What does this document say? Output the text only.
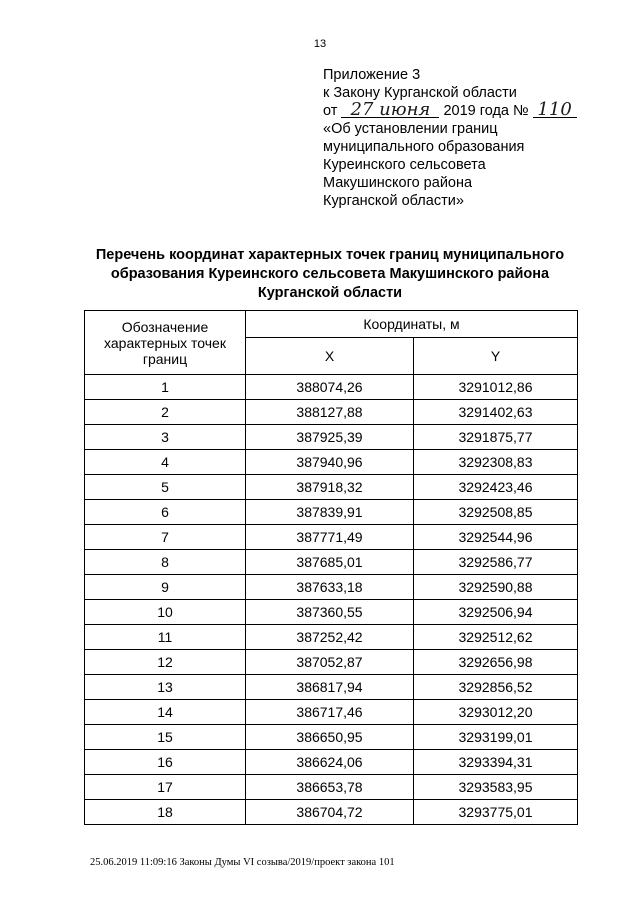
13
Приложение 3
к Закону Курганской области
от 27 июня 2019 года № 110
«Об установлении границ
муниципального образования
Куреинского сельсовета
Макушинского района
Курганской области»
Перечень координат характерных точек границ муниципального
образования Куреинского сельсовета Макушинского района
Курганской области
Обозначение характерных точек границ	Координаты, м	
	X	Y
1	388074,26	3291012,86
2	388127,88	3291402,63
3	387925,39	3291875,77
4	387940,96	3292308,83
5	387918,32	3292423,46
6	387839,91	3292508,85
7	387771,49	3292544,96
8	387685,01	3292586,77
9	387633,18	3292590,88
10	387360,55	3292506,94
11	387252,42	3292512,62
12	387052,87	3292656,98
13	386817,94	3292856,52
14	386717,46	3293012,20
15	386650,95	3293199,01
16	386624,06	3293394,31
17	386653,78	3293583,95
18	386704,72	3293775,01
25.06.2019 11:09:16 Законы Думы VI созыва/2019/проект закона 101
